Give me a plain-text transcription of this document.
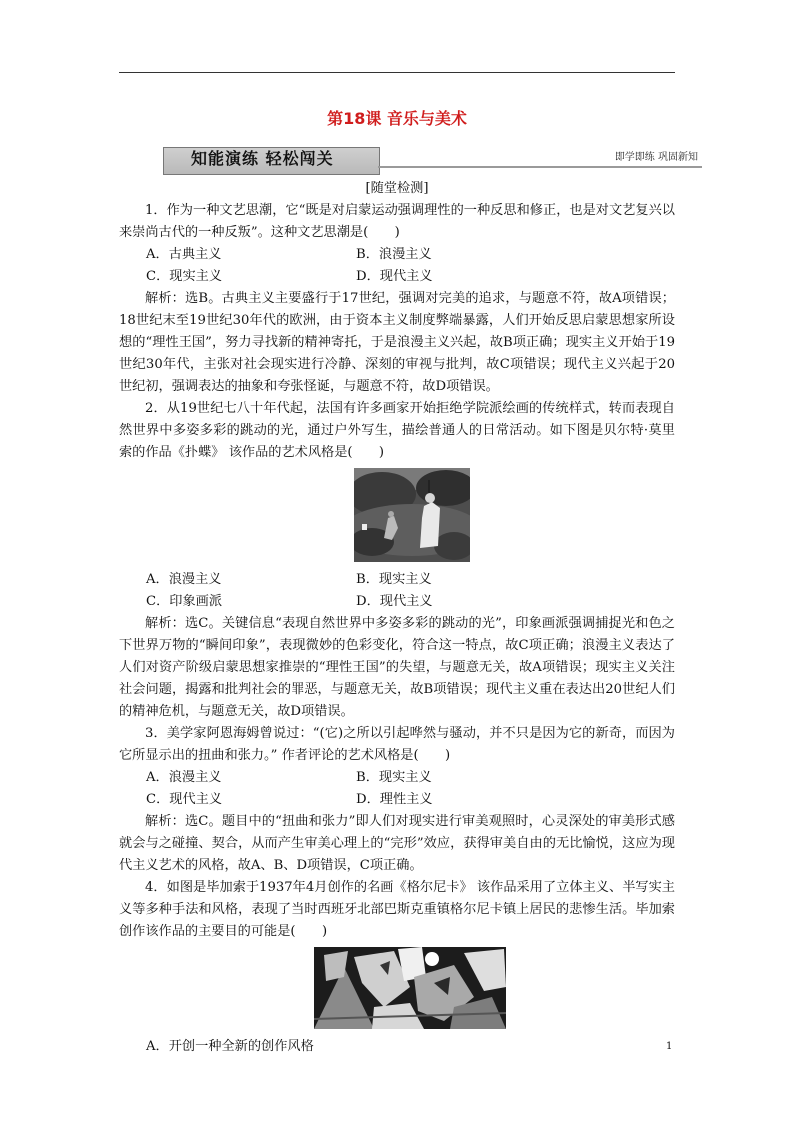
第18课 音乐与美术
知能演练 轻松闯关	即学即练 巩固新知
[随堂检测]

1．作为一种文艺思潮，它“既是对启蒙运动强调理性的一种反思和修正，也是对文艺复兴以来崇尚古代的一种反叛”。这种文艺思潮是(　　)

A．古典主义	B．浪漫主义
C．现实主义	D．现代主义

解析：选B。古典主义主要盛行于17世纪，强调对完美的追求，与题意不符，故A项错误；18世纪末至19世纪30年代的欧洲，由于资本主义制度弊端暴露，人们开始反思启蒙思想家所设想的“理性王国”，努力寻找新的精神寄托，于是浪漫主义兴起，故B项正确；现实主义开始于19世纪30年代，主张对社会现实进行冷静、深刻的审视与批判，故C项错误；现代主义兴起于20世纪初，强调表达的抽象和夸张怪诞，与题意不符，故D项错误。

2．从19世纪七八十年代起，法国有许多画家开始拒绝学院派绘画的传统样式，转而表现自然世界中多姿多彩的跳动的光，通过户外写生，描绘普通人的日常活动。如下图是贝尔特·莫里索的作品《扑蝶》 该作品的艺术风格是(　　)

A．浪漫主义	B．现实主义
C．印象画派	D．现代主义

解析：选C。关键信息“表现自然世界中多姿多彩的跳动的光”，印象画派强调捕捉光和色之下世界万物的“瞬间印象”，表现微妙的色彩变化，符合这一特点，故C项正确；浪漫主义表达了人们对资产阶级启蒙思想家推崇的“理性王国”的失望，与题意无关，故A项错误；现实主义关注社会问题，揭露和批判社会的罪恶，与题意无关，故B项错误；现代主义重在表达出20世纪人们的精神危机，与题意无关，故D项错误。

3．美学家阿恩海姆曾说过：“(它)之所以引起哗然与骚动，并不只是因为它的新奇，而因为它所显示出的扭曲和张力。” 作者评论的艺术风格是(　　)

A．浪漫主义	B．现实主义
C．现代主义	D．理性主义

解析：选C。题目中的“扭曲和张力”即人们对现实进行审美观照时，心灵深处的审美形式感就会与之碰撞、契合，从而产生审美心理上的“完形”效应，获得审美自由的无比愉悦，这应为现代主义艺术的风格，故A、B、D项错误，C项正确。

4．如图是毕加索于1937年4月创作的名画《格尔尼卡》 该作品采用了立体主义、半写实主义等多种手法和风格，表现了当时西班牙北部巴斯克重镇格尔尼卡镇上居民的悲惨生活。毕加索创作该作品的主要目的可能是(　　)

A．开创一种全新的创作风格	1
